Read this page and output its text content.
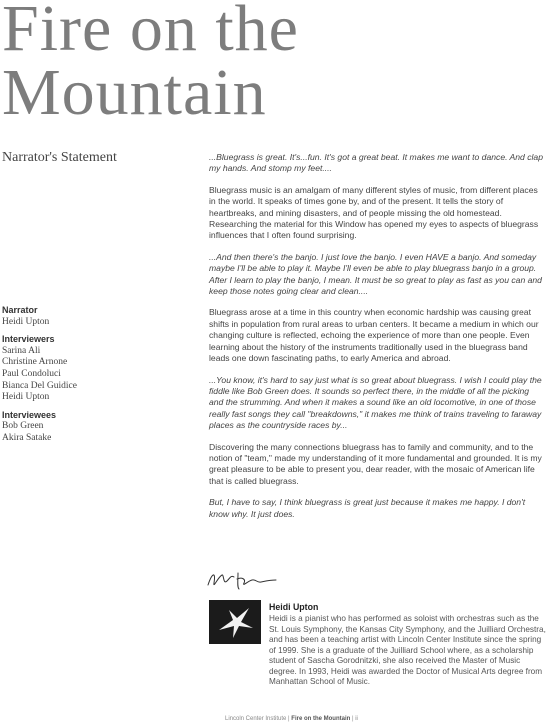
Fire on the
Mountain
Narrator's Statement
Narrator
Heidi Upton
Interviewers
Sarina Ali
Christine Arnone
Paul Condoluci
Bianca Del Guidice
Heidi Upton
Interviewees
Bob Green
Akira Satake

...Bluegrass is great. It's...fun. It's got a great beat. It makes me want to dance. And clap my hands. And stomp my feet....

Bluegrass music is an amalgam of many different styles of music, from different places in the world. It speaks of times gone by, and of the present. It tells the story of heartbreaks, and mining disasters, and of people missing the old homestead. Researching the material for this Window has opened my eyes to aspects of bluegrass influences that I often found surprising.

...And then there's the banjo. I just love the banjo. I even HAVE a banjo. And someday maybe I'll be able to play it. Maybe I'll even be able to play bluegrass banjo in a group. After I learn to play the banjo, I mean. It must be so great to play as fast as you can and keep those notes going clear and clean....

Bluegrass arose at a time in this country when economic hardship was causing great shifts in population from rural areas to urban centers. It became a medium in which our changing culture is reflected, echoing the experience of more than one people. Even learning about the history of the instruments traditionally used in the bluegrass band leads one down fascinating paths, to early America and abroad.

...You know, it's hard to say just what is so great about bluegrass. I wish I could play the fiddle like Bob Green does. It sounds so perfect there, in the middle of all the picking and the strumming. And when it makes a sound like an old locomotive, in one of those really fast songs they call "breakdowns," it makes me think of trains traveling to faraway places as the countryside races by...

Discovering the many connections bluegrass has to family and community, and to the notion of "team," made my understanding of it more fundamental and grounded. It is my great pleasure to be able to present you, dear reader, with the mosaic of American life that is called bluegrass.

But, I have to say, I think bluegrass is great just because it makes me happy. I don't know why. It just does.

Heidi Upton
Heidi is a pianist who has performed as soloist with orchestras such as the St. Louis Symphony, the Kansas City Symphony, and the Juilliard Orchestra, and has been a teaching artist with Lincoln Center Institute since the spring of 1999. She is a graduate of the Juilliard School where, as a scholarship student of Sascha Gorodnitzki, she also received the Master of Music degree. In 1993, Heidi was awarded the Doctor of Musical Arts degree from Manhattan School of Music.
Lincoln Center Institute | Fire on the Mountain | ii
